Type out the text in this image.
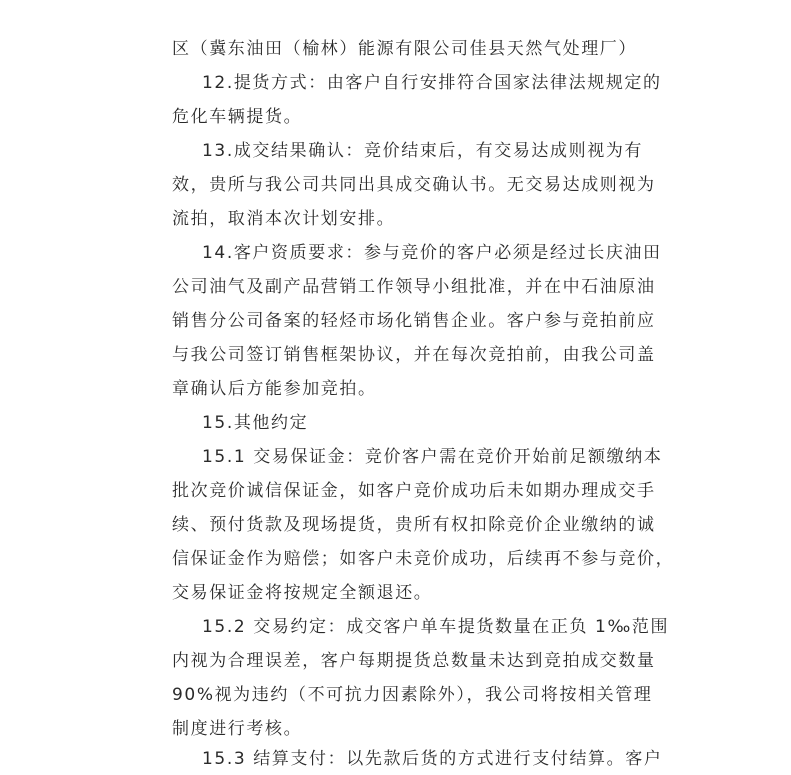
区（冀东油田（榆林）能源有限公司佳县天然气处理厂）
12.提货方式：由客户自行安排符合国家法律法规规定的
危化车辆提货。
13.成交结果确认：竞价结束后，有交易达成则视为有
效，贵所与我公司共同出具成交确认书。无交易达成则视为
流拍，取消本次计划安排。
14.客户资质要求：参与竞价的客户必须是经过长庆油田
公司油气及副产品营销工作领导小组批准，并在中石油原油
销售分公司备案的轻烃市场化销售企业。客户参与竞拍前应
与我公司签订销售框架协议，并在每次竞拍前，由我公司盖
章确认后方能参加竞拍。
15.其他约定
15.1 交易保证金：竞价客户需在竞价开始前足额缴纳本
批次竞价诚信保证金，如客户竞价成功后未如期办理成交手
续、预付货款及现场提货，贵所有权扣除竞价企业缴纳的诚
信保证金作为赔偿；如客户未竞价成功，后续再不参与竞价，
交易保证金将按规定全额退还。
15.2 交易约定：成交客户单车提货数量在正负 1‰范围
内视为合理误差，客户每期提货总数量未达到竞拍成交数量
90%视为违约（不可抗力因素除外），我公司将按相关管理
制度进行考核。
15.3 结算支付：以先款后货的方式进行支付结算。客户
